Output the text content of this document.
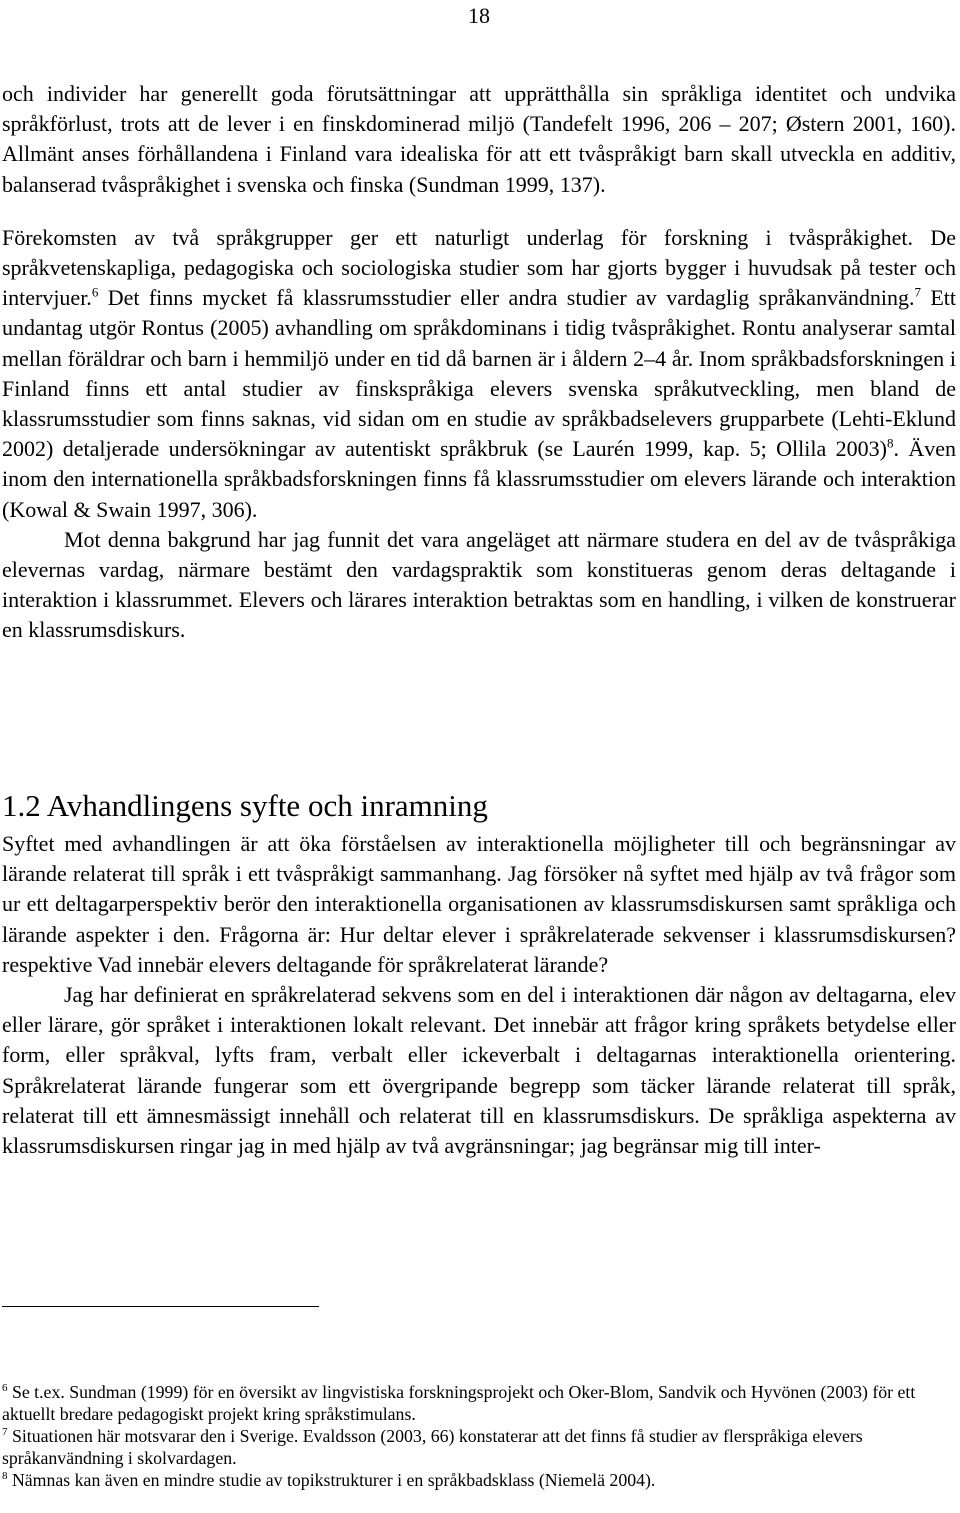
18

och individer har generellt goda förutsättningar att upprätthålla sin språkliga identitet och undvika språkförlust, trots att de lever i en finskdominerad miljö (Tandefelt 1996, 206 – 207; Østern 2001, 160). Allmänt anses förhållandena i Finland vara idealiska för att ett tvåspråkigt barn skall utveckla en additiv, balanserad tvåspråkighet i svenska och finska (Sundman 1999, 137).

Förekomsten av två språkgrupper ger ett naturligt underlag för forskning i tvåspråkighet. De språkvetenskapliga, pedagogiska och sociologiska studier som har gjorts bygger i huvudsak på tester och intervjuer.$^6$ Det finns mycket få klassrumsstudier eller andra studier av vardaglig språkanvändning.$^7$ Ett undantag utgör Rontus (2005) avhandling om språkdominans i tidig tvåspråkighet. Rontu analyserar samtal mellan föräldrar och barn i hemmiljö under en tid då barnen är i åldern 2–4 år. Inom språkbadsforskningen i Finland finns ett antal studier av finskspråkiga elevers svenska språkutveckling, men bland de klassrumsstudier som finns saknas, vid sidan om en studie av språkbadselevers grupparbete (Lehti-Eklund 2002) detaljerade undersökningar av autentiskt språkbruk (se Laurén 1999, kap. 5; Ollila 2003)$^8$. Även inom den internationella språkbadsforskningen finns få klassrumsstudier om elevers lärande och interaktion (Kowal & Swain 1997, 306).

Mot denna bakgrund har jag funnit det vara angeläget att närmare studera en del av de tvåspråkiga elevernas vardag, närmare bestämt den vardagspraktik som konstitueras genom deras deltagande i interaktion i klassrummet. Elevers och lärares interaktion betraktas som en handling, i vilken de konstruerar en klassrumsdiskurs.

1.2 Avhandlingens syfte och inramning

Syftet med avhandlingen är att öka förståelsen av interaktionella möjligheter till och begränsningar av lärande relaterat till språk i ett tvåspråkigt sammanhang. Jag försöker nå syftet med hjälp av två frågor som ur ett deltagarperspektiv berör den interaktionella organisationen av klassrumsdiskursen samt språkliga och lärande aspekter i den. Frågorna är: Hur deltar elever i språkrelaterade sekvenser i klassrumsdiskursen? respektive Vad innebär elevers deltagande för språkrelaterat lärande?

Jag har definierat en språkrelaterad sekvens som en del i interaktionen där någon av deltagarna, elev eller lärare, gör språket i interaktionen lokalt relevant. Det innebär att frågor kring språkets betydelse eller form, eller språkval, lyfts fram, verbalt eller ickeverbalt i deltagarnas interaktionella orientering. Språkrelaterat lärande fungerar som ett övergripande begrepp som täcker lärande relaterat till språk, relaterat till ett ämnesmässigt innehåll och relaterat till en klassrumsdiskurs. De språkliga aspekterna av klassrumsdiskursen ringar jag in med hjälp av två avgränsningar; jag begränsar mig till inter-

$^6$ Se t.ex. Sundman (1999) för en översikt av lingvistiska forskningsprojekt och Oker-Blom, Sandvik och Hyvönen (2003) för ett aktuellt bredare pedagogiskt projekt kring språkstimulans.

$^7$ Situationen här motsvarar den i Sverige. Evaldsson (2003, 66) konstaterar att det finns få studier av flerspråkiga elevers språkanvändning i skolvardagen.

$^8$ Nämnas kan även en mindre studie av topikstrukturer i en språkbadsklass (Niemelä 2004).
